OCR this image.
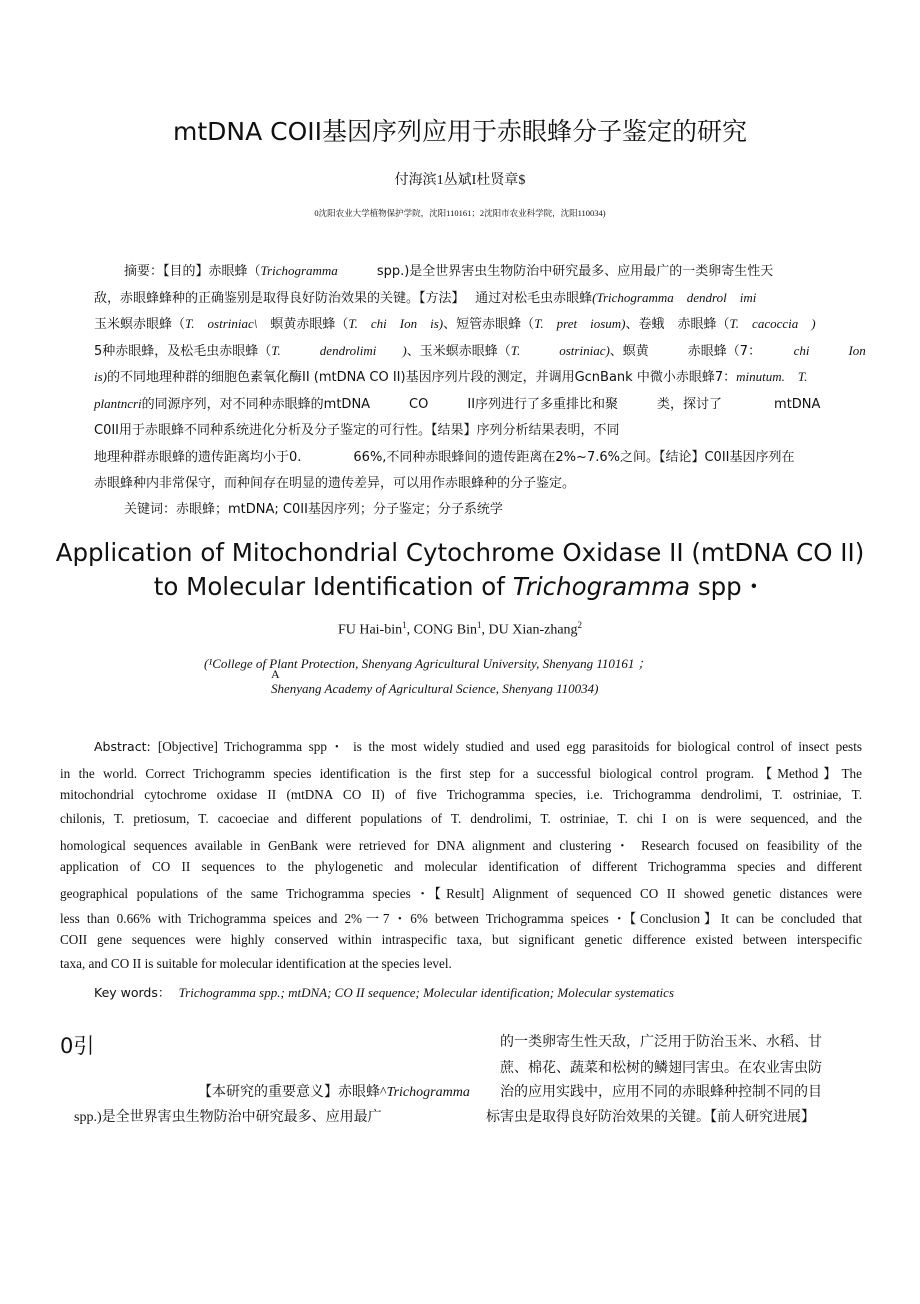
mtDNA COII基因序列应用于赤眼蜂分子鉴定的研究
付海滨1丛斌I杜贤章$
0沈阳农业大学植物保护学院，沈阳110161；2沈阳市农业科学院，沈阳110034)
摘要：【目的】赤眼蜂（Trichogramma　　　spp.)是全世界害虫生物防治中研究最多、应用最广的一类卵寄生性天
敌，赤眼蜂蜂种的正确鉴别是取得良好防治效果的关键。【方法】　 通过对松毛虫赤眼蜂(Trichogramma　dendrol　imi
玉米螟赤眼蜂（T.　ostriniac\　螟黄赤眼蜂（T.　chi　Ion　is)、短管赤眼蜂（T.　pret　iosum)、卷蛾　赤眼蜂（T.　cacoccia　)
5种赤眼蜂，及松毛虫赤眼蜂（T.　　　dendrolimi　　)、玉米螟赤眼蜂（T.　　　ostriniac)、螟黄　　　赤眼蜂（7：　　　chi　　　Ion
is)的不同地理种群的细胞色素氧化酶II (mtDNA CO II)基因序列片段的测定，并调用GcnBank 中微小赤眼蜂7：minutum.　T.
plantncri的同源序列，对不同种赤眼蜂的mtDNA　　　CO　　　II序列进行了多重排比和聚　　　类，探讨了　　　　mtDNA
C0II用于赤眼蜂不同种系统进化分析及分子鉴定的可行性。【结果】序列分析结果表明，不同
地理种群赤眼蜂的遗传距离均小于0.　　　　66%,不同种赤眼蜂间的遗传距离在2%~7.6%之间。【结论】C0II基因序列在
赤眼蜂种内非常保守，而种间存在明显的遗传差异，可以用作赤眼蜂种的分子鉴定。
关键词：赤眼蜂；mtDNA; C0II基因序列；分子鉴定；分子系统学
Application of Mitochondrial Cytochrome Oxidase II (mtDNA CO II)
to Molecular Identification of Trichogramma spp・
FU Hai-bin$^1$, CONG Bin$^1$, DU Xian-zhang$^2$
(¹College of Plant Protection, Shenyang Agricultural University, Shenyang 110161 ；
A
Shenyang Academy of Agricultural Science, Shenyang 110034)
Abstract: [Objective] Trichogramma spp・ is the most widely studied and used egg parasitoids for biological control of insect pests
in the world. Correct Trichogramm species identification is the first step for a successful biological control program.【Method】The
mitochondrial cytochrome oxidase II (mtDNA CO II) of five Trichogramma species, i.e. Trichogramma dendrolimi, T. ostriniae, T.
chilonis, T. pretiosum, T. cacoeciae and different populations of T. dendrolimi, T. ostriniae, T. chi I on is were sequenced, and the
homological sequences available in GenBank were retrieved for DNA alignment and clustering・ Research focused on feasibility of the
application of CO II sequences to the phylogenetic and molecular identification of different Trichogramma species and different
geographical populations of the same Trichogramma species・【Result] Alignment of sequenced CO II showed genetic distances were
less than 0.66% with Trichogramma speices and 2%一7・6% between Trichogramma speices・【Conclusion】It can be concluded that
COII gene sequences were highly conserved within intraspecific taxa, but significant genetic difference existed between interspecific
taxa, and CO II is suitable for molecular identification at the species level.
Key words： Trichogramma spp.; mtDNA; CO II sequence; Molecular identification; Molecular systematics
0引	的一类卵寄生性天敌，广泛用于防治玉米、水稻、甘
蔗、棉花、蔬菜和松树的鳞翅冃害虫。在农业害虫防
【本研究的重要意义】赤眼蜂^Trichogramma 治的应用实践中，应用不同的赤眼蜂种控制不同的目
spp.)是全世界害虫生物防治中研究最多、应用最广	标害虫是取得良好防治效果的关键。【前人研究进展】
